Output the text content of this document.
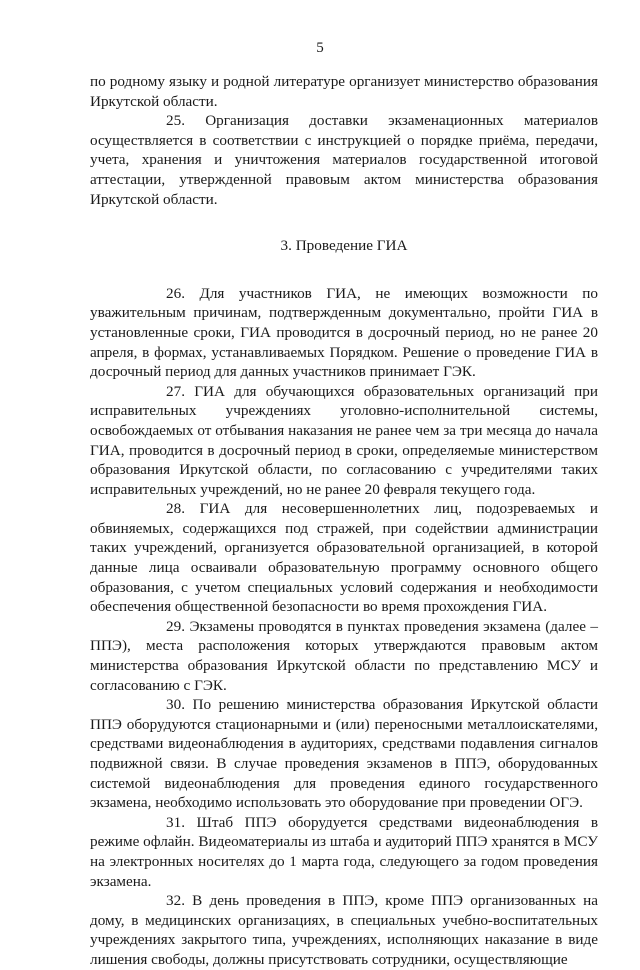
5

по родному языку и родной литературе организует министерство образования Иркутской области.

25. Организация доставки экзаменационных материалов осуществляется в соответствии с инструкцией о порядке приёма, передачи, учета, хранения и уничтожения материалов государственной итоговой аттестации, утвержденной правовым актом министерства образования Иркутской области.

3. Проведение ГИА

26. Для участников ГИА, не имеющих возможности по уважительным причинам, подтвержденным документально, пройти ГИА в установленные сроки, ГИА проводится в досрочный период, но не ранее 20 апреля, в формах, устанавливаемых Порядком. Решение о проведение ГИА в досрочный период для данных участников принимает ГЭК.

27. ГИА для обучающихся образовательных организаций при исправительных учреждениях уголовно-исполнительной системы, освобождаемых от отбывания наказания не ранее чем за три месяца до начала ГИА, проводится в досрочный период в сроки, определяемые министерством образования Иркутской области, по согласованию с учредителями таких исправительных учреждений, но не ранее 20 февраля текущего года.

28. ГИА для несовершеннолетних лиц, подозреваемых и обвиняемых, содержащихся под стражей, при содействии администрации таких учреждений, организуется образовательной организацией, в которой данные лица осваивали образовательную программу основного общего образования, с учетом специальных условий содержания и необходимости обеспечения общественной безопасности во время прохождения ГИА.

29. Экзамены проводятся в пунктах проведения экзамена (далее – ППЭ), места расположения которых утверждаются правовым актом министерства образования Иркутской области по представлению МСУ и согласованию с ГЭК.

30. По решению министерства образования Иркутской области ППЭ оборудуются стационарными и (или) переносными металлоискателями, средствами видеонаблюдения в аудиториях, средствами подавления сигналов подвижной связи. В случае проведения экзаменов в ППЭ, оборудованных системой видеонаблюдения для проведения единого государственного экзамена, необходимо использовать это оборудование при проведении ОГЭ.

31. Штаб ППЭ оборудуется средствами видеонаблюдения в режиме офлайн. Видеоматериалы из штаба и аудиторий ППЭ хранятся в МСУ на электронных носителях до 1 марта года, следующего за годом проведения экзамена.

32. В день проведения в ППЭ, кроме ППЭ организованных на дому, в медицинских организациях, в специальных учебно-воспитательных учреждениях закрытого типа, учреждениях, исполняющих наказание в виде лишения свободы, должны присутствовать сотрудники, осуществляющие
